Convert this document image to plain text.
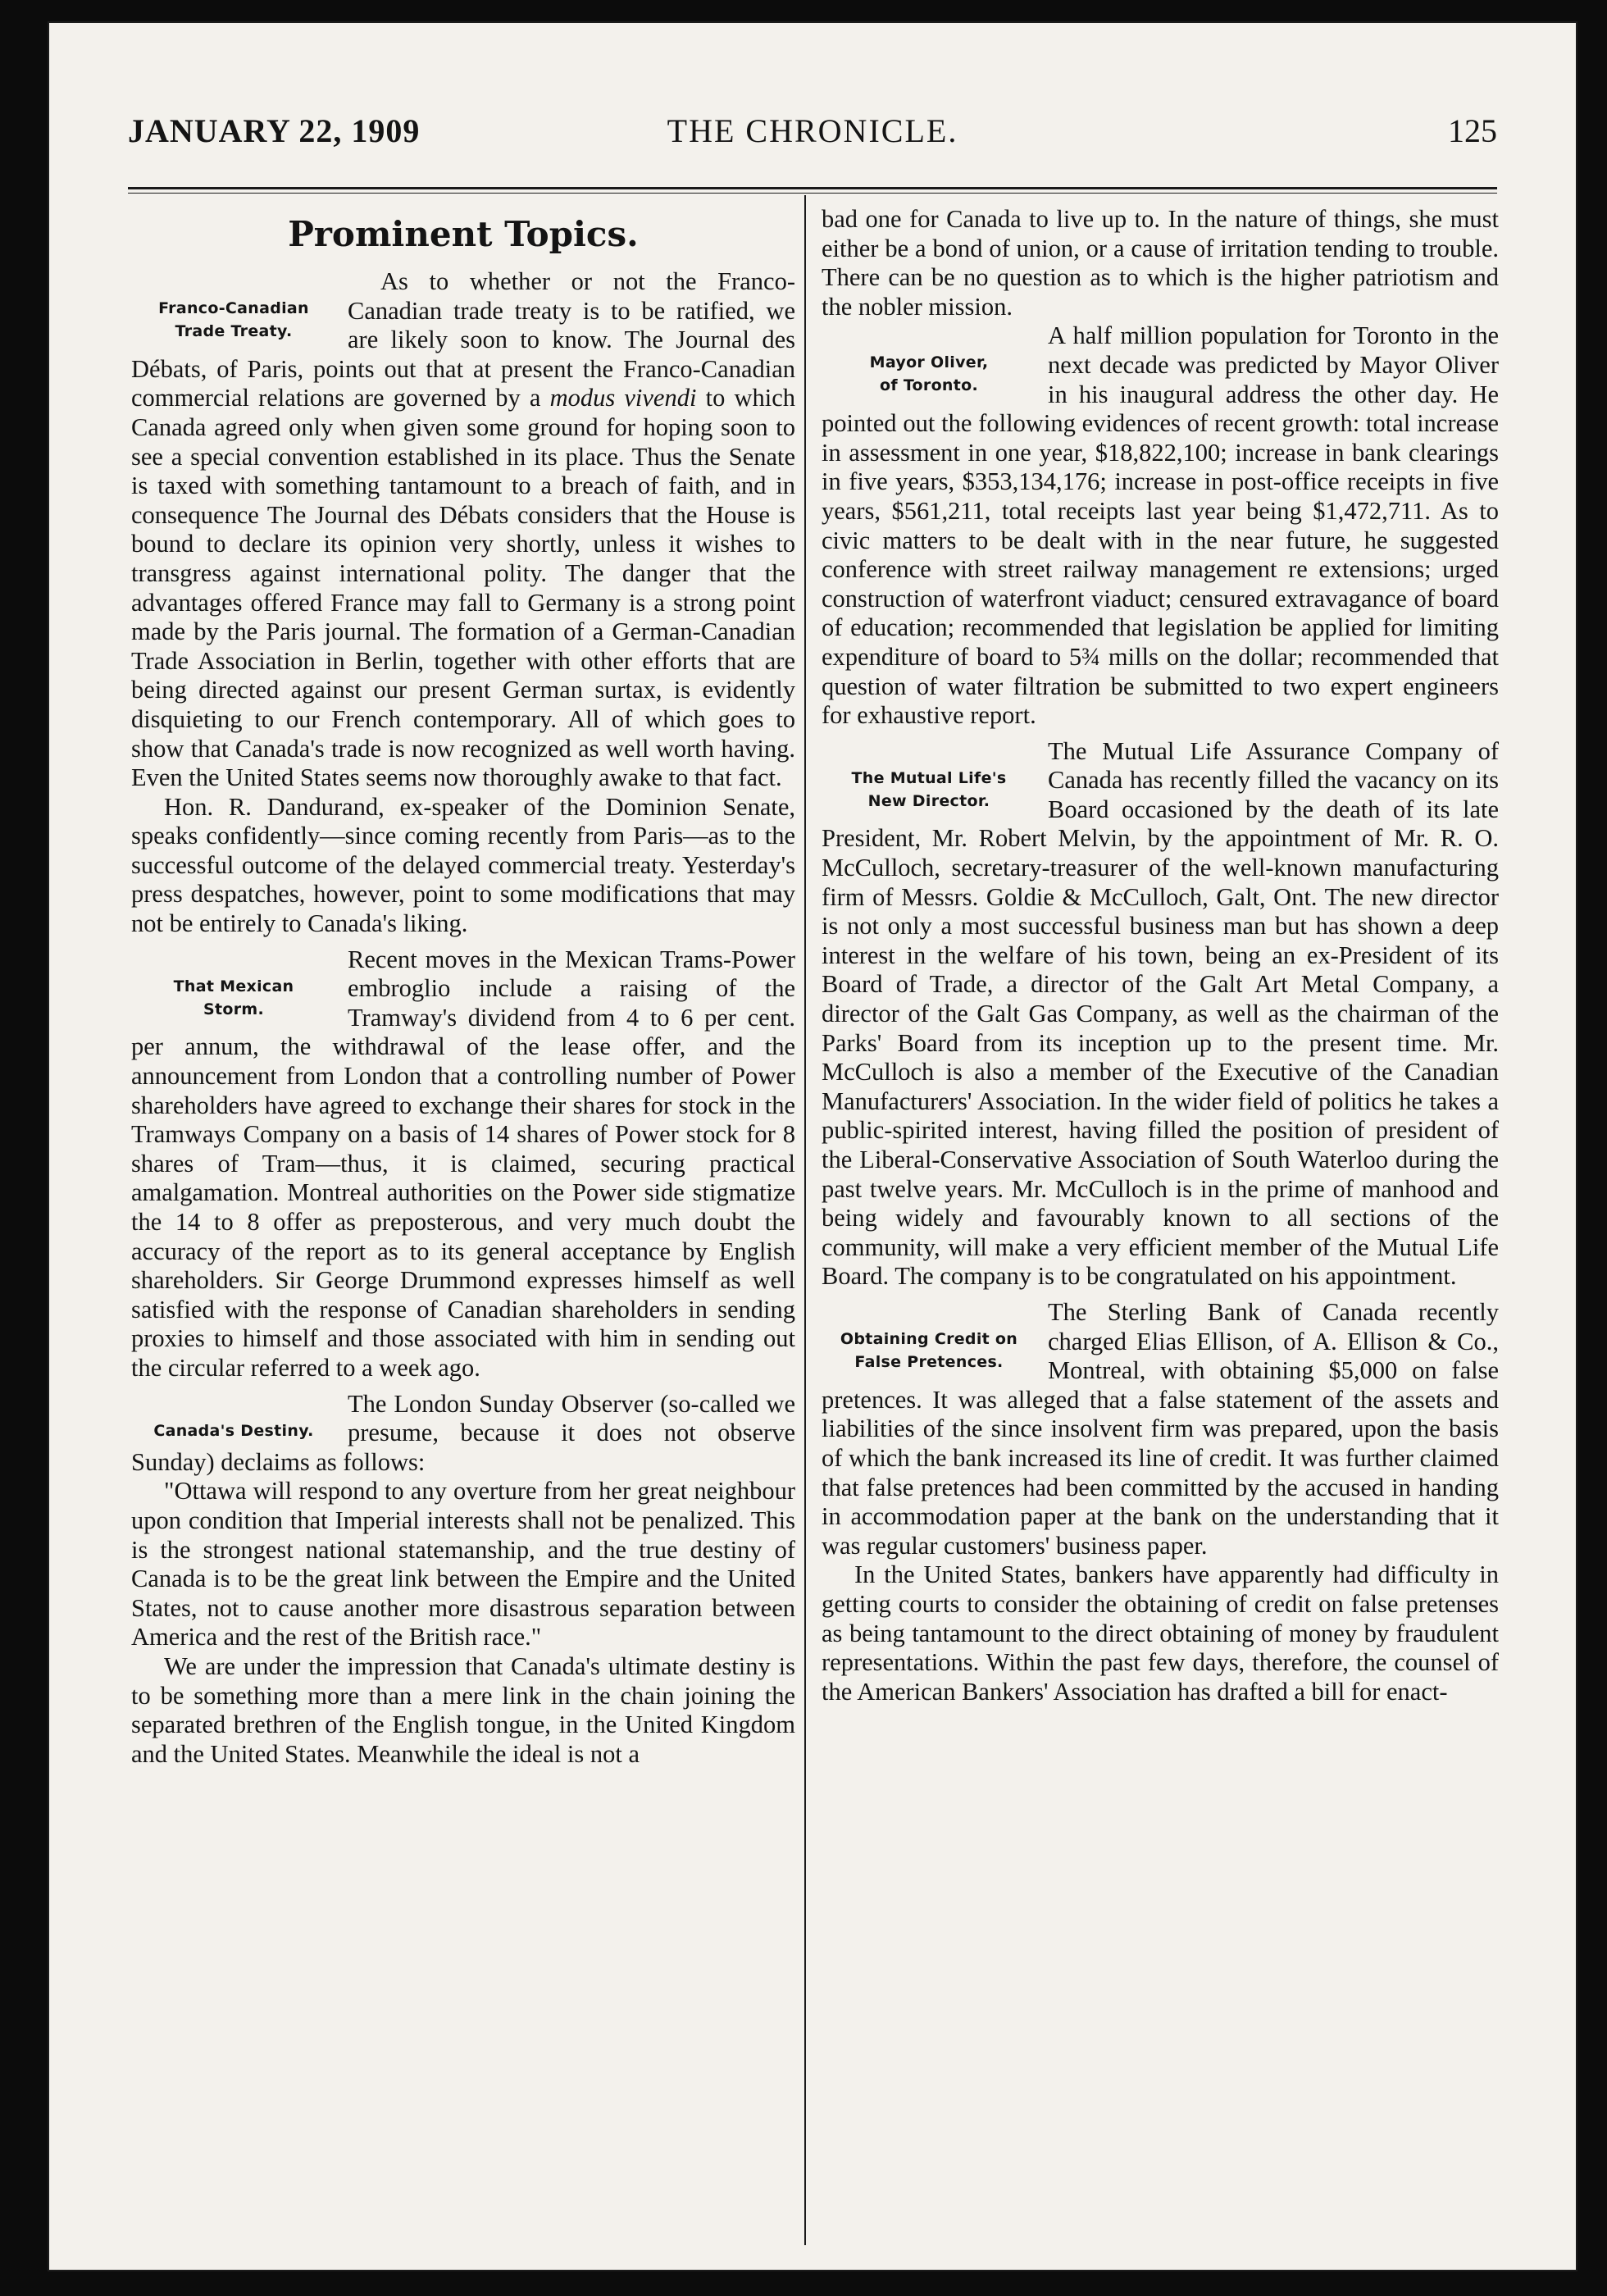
JANUARY 22, 1909	THE CHRONICLE.	125
Prominent Topics.
Franco-Canadian
Trade Treaty.

As to whether or not the Franco-Canadian trade treaty is to be ratified, we are likely soon to know. The Journal des Débats, of Paris, points out that at present the Franco-Canadian commercial relations are governed by a modus vivendi to which Canada agreed only when given some ground for hoping soon to see a special convention established in its place. Thus the Senate is taxed with something tantamount to a breach of faith, and in consequence The Journal des Débats considers that the House is bound to declare its opinion very shortly, unless it wishes to transgress against international polity. The danger that the advantages offered France may fall to Germany is a strong point made by the Paris journal. The formation of a German-Canadian Trade Association in Berlin, together with other efforts that are being directed against our present German surtax, is evidently disquieting to our French contemporary. All of which goes to show that Canada's trade is now recognized as well worth having. Even the United States seems now thoroughly awake to that fact.

Hon. R. Dandurand, ex-speaker of the Dominion Senate, speaks confidently—since coming recently from Paris—as to the successful outcome of the delayed commercial treaty. Yesterday's press despatches, however, point to some modifications that may not be entirely to Canada's liking.

That Mexican
Storm.

Recent moves in the Mexican Trams-Power embroglio include a raising of the Tramway's dividend from 4 to 6 per cent. per annum, the withdrawal of the lease offer, and the announcement from London that a controlling number of Power shareholders have agreed to exchange their shares for stock in the Tramways Company on a basis of 14 shares of Power stock for 8 shares of Tram—thus, it is claimed, securing practical amalgamation. Montreal authorities on the Power side stigmatize the 14 to 8 offer as preposterous, and very much doubt the accuracy of the report as to its general acceptance by English shareholders. Sir George Drummond expresses himself as well satisfied with the response of Canadian shareholders in sending proxies to himself and those associated with him in sending out the circular referred to a week ago.

Canada's Destiny.

The London Sunday Observer (so-called we presume, because it does not observe Sunday) declaims as follows:

"Ottawa will respond to any overture from her great neighbour upon condition that Imperial interests shall not be penalized. This is the strongest national statemanship, and the true destiny of Canada is to be the great link between the Empire and the United States, not to cause another more disastrous separation between America and the rest of the British race."

We are under the impression that Canada's ultimate destiny is to be something more than a mere link in the chain joining the separated brethren of the English tongue, in the United Kingdom and the United States. Meanwhile the ideal is not a

bad one for Canada to live up to. In the nature of things, she must either be a bond of union, or a cause of irritation tending to trouble. There can be no question as to which is the higher patriotism and the nobler mission.

Mayor Oliver,
of Toronto.

A half million population for Toronto in the next decade was predicted by Mayor Oliver in his inaugural address the other day. He pointed out the following evidences of recent growth: total increase in assessment in one year, $18,822,100; increase in bank clearings in five years, $353,134,176; increase in post-office receipts in five years, $561,211, total receipts last year being $1,472,711. As to civic matters to be dealt with in the near future, he suggested conference with street railway management re extensions; urged construction of waterfront viaduct; censured extravagance of board of education; recommended that legislation be applied for limiting expenditure of board to 5¾ mills on the dollar; recommended that question of water filtration be submitted to two expert engineers for exhaustive report.

The Mutual Life's
New Director.

The Mutual Life Assurance Company of Canada has recently filled the vacancy on its Board occasioned by the death of its late President, Mr. Robert Melvin, by the appointment of Mr. R. O. McCulloch, secretary-treasurer of the well-known manufacturing firm of Messrs. Goldie & McCulloch, Galt, Ont. The new director is not only a most successful business man but has shown a deep interest in the welfare of his town, being an ex-President of its Board of Trade, a director of the Galt Art Metal Company, a director of the Galt Gas Company, as well as the chairman of the Parks' Board from its inception up to the present time. Mr. McCulloch is also a member of the Executive of the Canadian Manufacturers' Association. In the wider field of politics he takes a public-spirited interest, having filled the position of president of the Liberal-Conservative Association of South Waterloo during the past twelve years. Mr. McCulloch is in the prime of manhood and being widely and favourably known to all sections of the community, will make a very efficient member of the Mutual Life Board. The company is to be congratulated on his appointment.

Obtaining Credit on
False Pretences.

The Sterling Bank of Canada recently charged Elias Ellison, of A. Ellison & Co., Montreal, with obtaining $5,000 on false pretences. It was alleged that a false statement of the assets and liabilities of the since insolvent firm was prepared, upon the basis of which the bank increased its line of credit. It was further claimed that false pretences had been committed by the accused in handing in accommodation paper at the bank on the understanding that it was regular customers' business paper.

In the United States, bankers have apparently had difficulty in getting courts to consider the obtaining of credit on false pretenses as being tantamount to the direct obtaining of money by fraudulent representations. Within the past few days, therefore, the counsel of the American Bankers' Association has drafted a bill for enact-
